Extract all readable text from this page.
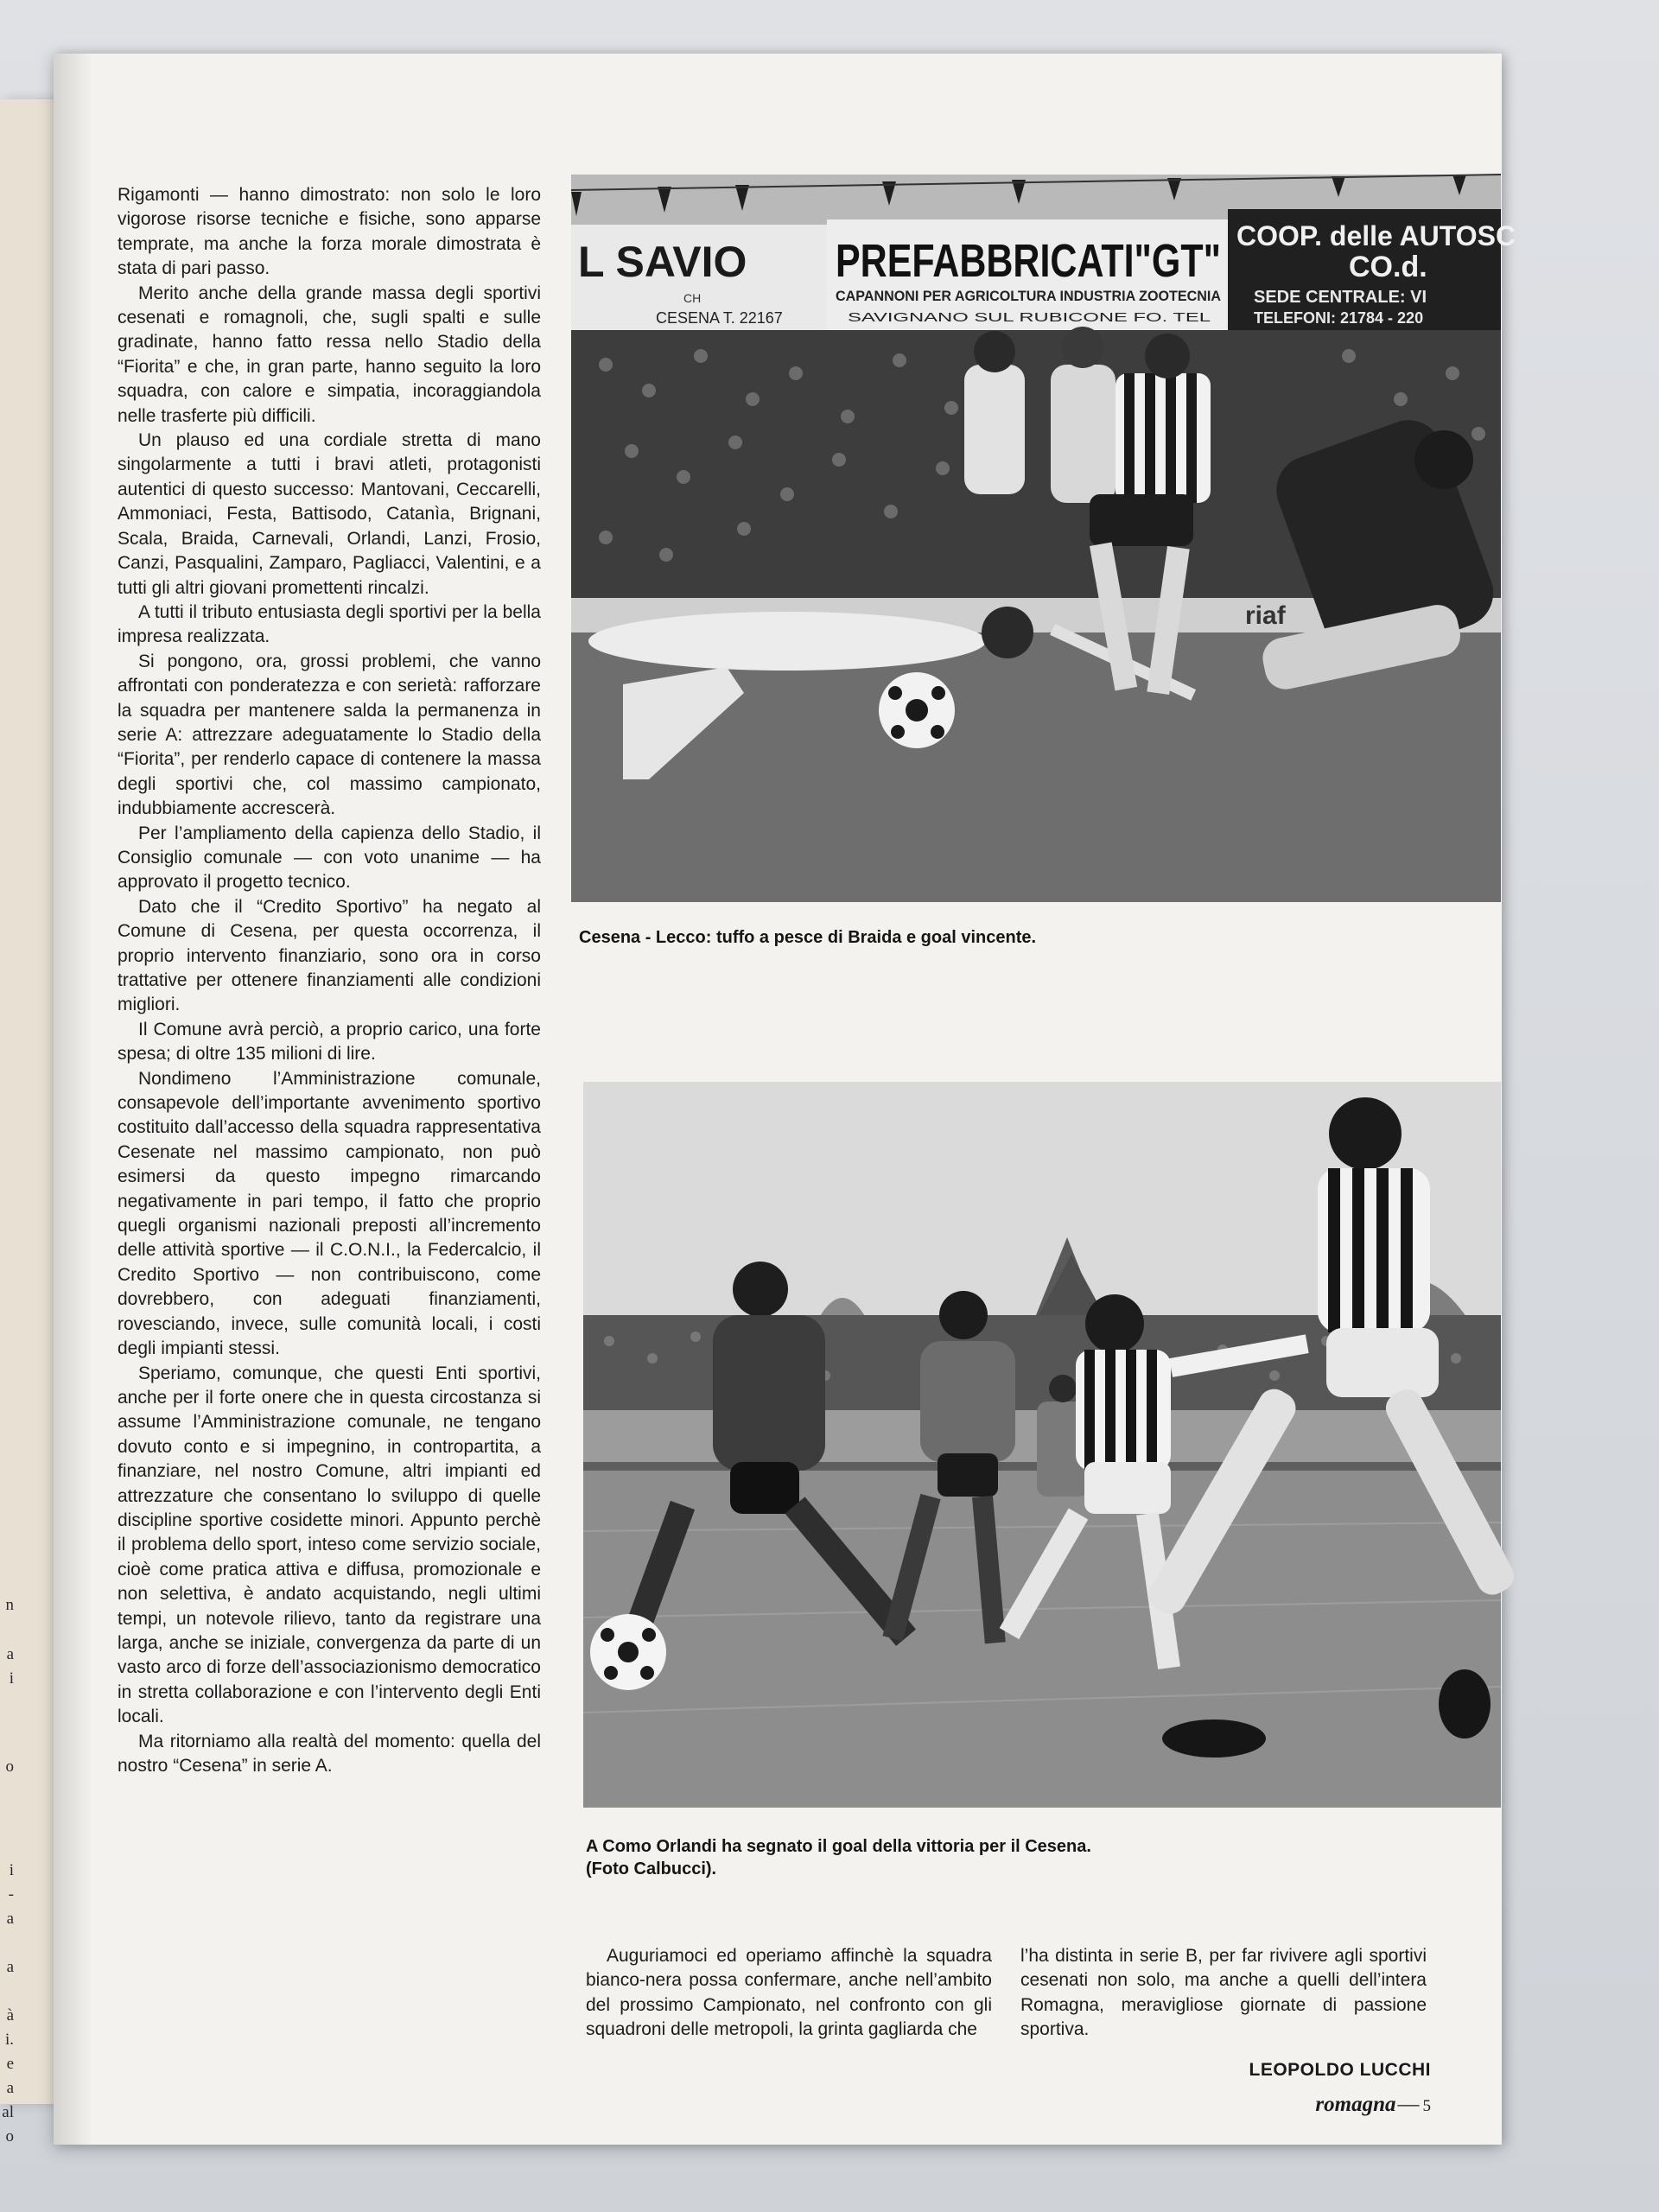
n
a
i
o
i
-
a
a
à
i.
e
a
al
o

Rigamonti — hanno dimostrato: non solo le loro vigorose risorse tecniche e fisiche, sono apparse temprate, ma anche la forza morale dimostrata è stata di pari passo.

Merito anche della grande massa degli sportivi cesenati e romagnoli, che, sugli spalti e sulle gradinate, hanno fatto ressa nello Stadio della “Fiorita” e che, in gran parte, hanno seguito la loro squadra, con calore e simpatia, incoraggiandola nelle trasferte più difficili.

Un plauso ed una cordiale stretta di mano singolarmente a tutti i bravi atleti, protagonisti autentici di questo successo: Mantovani, Ceccarelli, Ammoniaci, Festa, Battisodo, Catanìa, Brignani, Scala, Braida, Carnevali, Orlandi, Lanzi, Frosio, Canzi, Pasqualini, Zamparo, Pagliacci, Valentini, e a tutti gli altri giovani promettenti rincalzi.

A tutti il tributo entusiasta degli sportivi per la bella impresa realizzata.

Si pongono, ora, grossi problemi, che vanno affrontati con ponderatezza e con serietà: rafforzare la squadra per mantenere salda la permanenza in serie A: attrezzare adeguatamente lo Stadio della “Fiorita”, per renderlo capace di contenere la massa degli sportivi che, col massimo campionato, indubbiamente accrescerà.

Per l’ampliamento della capienza dello Stadio, il Consiglio comunale — con voto unanime — ha approvato il progetto tecnico.

Dato che il “Credito Sportivo” ha negato al Comune di Cesena, per questa occorrenza, il proprio intervento finanziario, sono ora in corso trattative per ottenere finanziamenti alle condizioni migliori.

Il Comune avrà perciò, a proprio carico, una forte spesa; di oltre 135 milioni di lire.

Nondimeno l’Amministrazione comunale, consapevole dell’importante avvenimento sportivo costituito dall’accesso della squadra rappresentativa Cesenate nel massimo campionato, non può esimersi da questo impegno rimarcando negativamente in pari tempo, il fatto che proprio quegli organismi nazionali preposti all’incremento delle attività sportive — il C.O.N.I., la Federcalcio, il Credito Sportivo — non contribuiscono, come dovrebbero, con adeguati finanziamenti, rovesciando, invece, sulle comunità locali, i costi degli impianti stessi.

Speriamo, comunque, che questi Enti sportivi, anche per il forte onere che in questa circostanza si assume l’Amministrazione comunale, ne tengano dovuto conto e si impegnino, in contropartita, a finanziare, nel nostro Comune, altri impianti ed attrezzature che consentano lo sviluppo di quelle discipline sportive cosidette minori. Appunto perchè il problema dello sport, inteso come servizio sociale, cioè come pratica attiva e diffusa, promozionale e non selettiva, è andato acquistando, negli ultimi tempi, un notevole rilievo, tanto da registrare una larga, anche se iniziale, convergenza da parte di un vasto arco di forze dell’associazionismo democratico in stretta collaborazione e con l’intervento degli Enti locali.

Ma ritorniamo alla realtà del momento: quella del nostro “Cesena” in serie A.

L SAVIO
CH
CESENA T. 22167
PREFABBRICATI"GT"
CAPANNONI PER AGRICOLTURA INDUSTRIA ZOOTECNIA
SAVIGNANO SUL RUBICONE FO. TEL
COOP. delle AUTOSC
CO.d.
SEDE CENTRALE: VI
TELEFONI: 21784 - 220
riaf
Cesena - Lecco: tuffo a pesce di Braida e goal vincente.
A Como Orlandi ha segnato il goal della vittoria per il Cesena.
(Foto Calbucci).

Auguriamoci ed operiamo affinchè la squadra bianco-nera possa confermare, anche nell’ambito del prossimo Campionato, nel confronto con gli squadroni delle metropoli, la grinta gagliarda che

l’ha distinta in serie B, per far rivivere agli sportivi cesenati non solo, ma anche a quelli dell’intera Romagna, meravigliose giornate di passione sportiva.

LEOPOLDO LUCCHI
romagna— 5
